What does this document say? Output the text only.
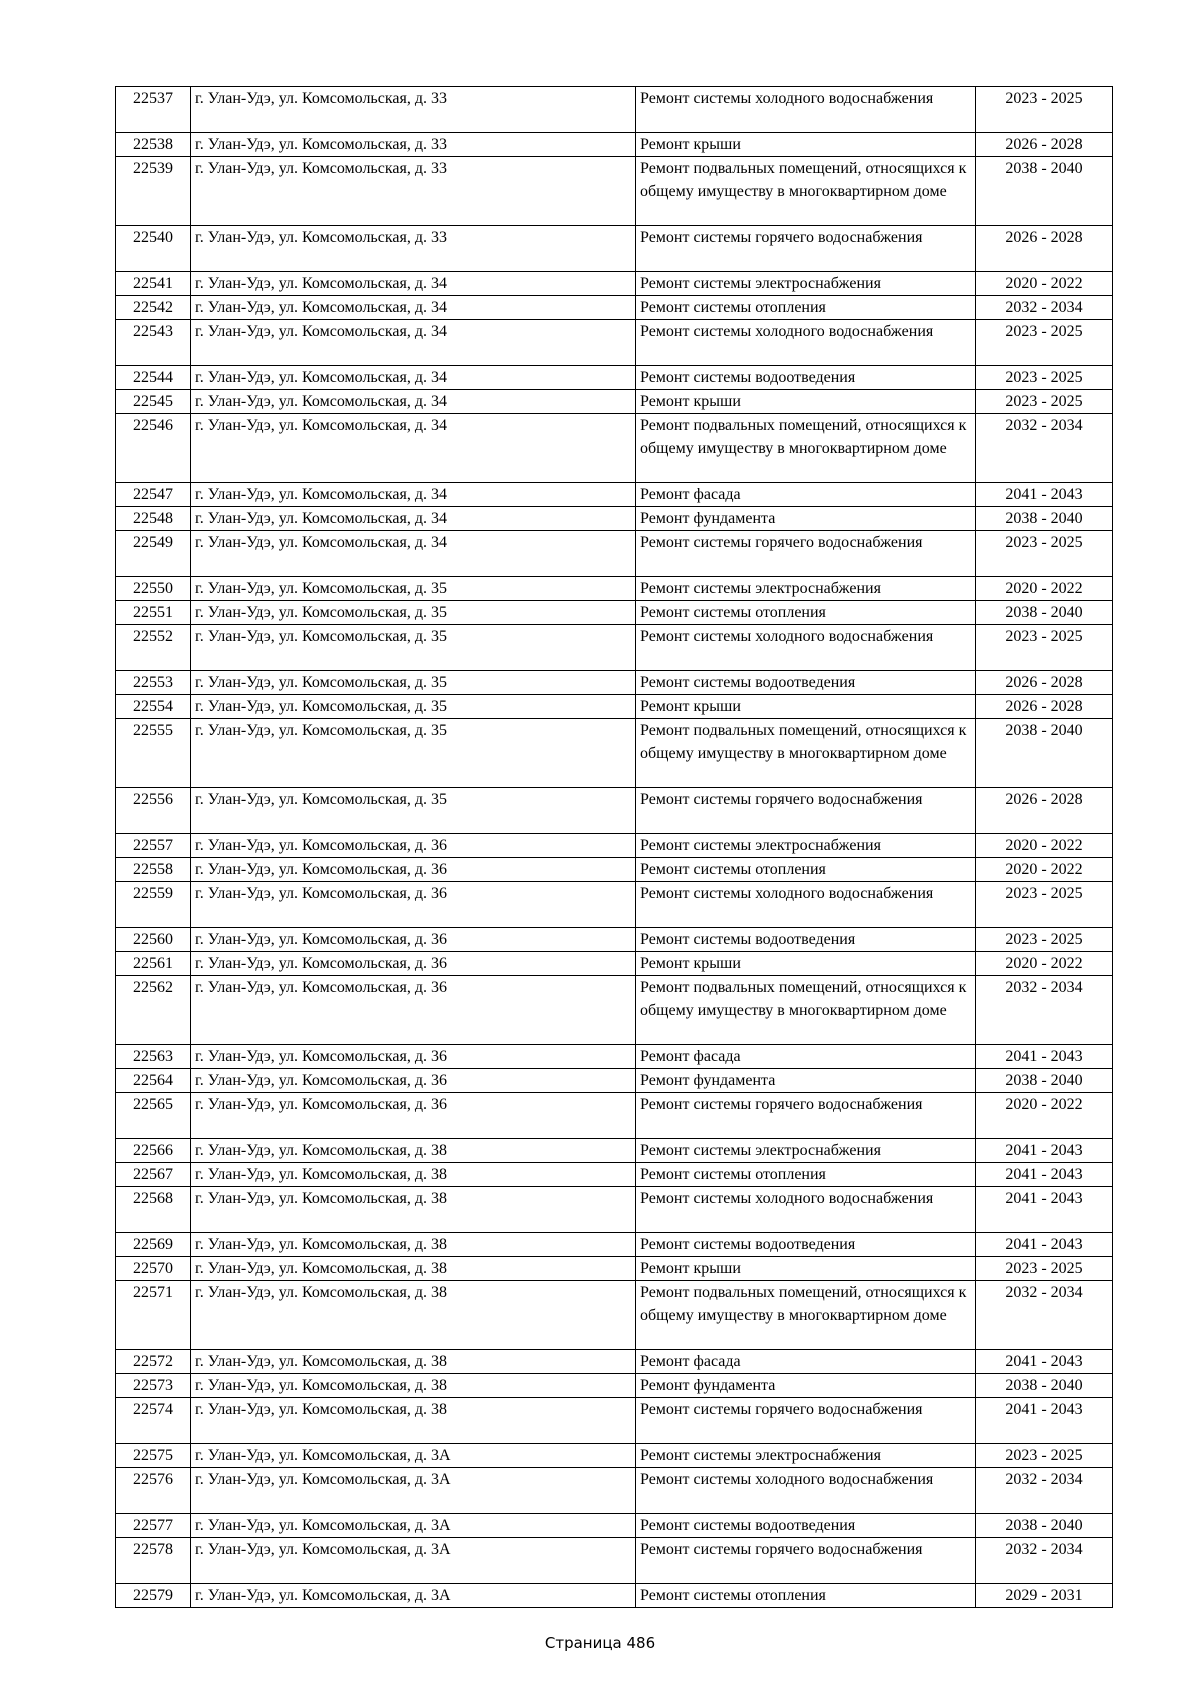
22537	г. Улан-Удэ, ул. Комсомольская, д. 33	Ремонт системы холодного водоснабжения	2023 - 2025
22538	г. Улан-Удэ, ул. Комсомольская, д. 33	Ремонт крыши	2026 - 2028
22539	г. Улан-Удэ, ул. Комсомольская, д. 33	Ремонт подвальных помещений, относящихся к общему имуществу в многоквартирном доме	2038 - 2040
22540	г. Улан-Удэ, ул. Комсомольская, д. 33	Ремонт системы горячего водоснабжения	2026 - 2028
22541	г. Улан-Удэ, ул. Комсомольская, д. 34	Ремонт системы электроснабжения	2020 - 2022
22542	г. Улан-Удэ, ул. Комсомольская, д. 34	Ремонт системы отопления	2032 - 2034
22543	г. Улан-Удэ, ул. Комсомольская, д. 34	Ремонт системы холодного водоснабжения	2023 - 2025
22544	г. Улан-Удэ, ул. Комсомольская, д. 34	Ремонт системы водоотведения	2023 - 2025
22545	г. Улан-Удэ, ул. Комсомольская, д. 34	Ремонт крыши	2023 - 2025
22546	г. Улан-Удэ, ул. Комсомольская, д. 34	Ремонт подвальных помещений, относящихся к общему имуществу в многоквартирном доме	2032 - 2034
22547	г. Улан-Удэ, ул. Комсомольская, д. 34	Ремонт фасада	2041 - 2043
22548	г. Улан-Удэ, ул. Комсомольская, д. 34	Ремонт фундамента	2038 - 2040
22549	г. Улан-Удэ, ул. Комсомольская, д. 34	Ремонт системы горячего водоснабжения	2023 - 2025
22550	г. Улан-Удэ, ул. Комсомольская, д. 35	Ремонт системы электроснабжения	2020 - 2022
22551	г. Улан-Удэ, ул. Комсомольская, д. 35	Ремонт системы отопления	2038 - 2040
22552	г. Улан-Удэ, ул. Комсомольская, д. 35	Ремонт системы холодного водоснабжения	2023 - 2025
22553	г. Улан-Удэ, ул. Комсомольская, д. 35	Ремонт системы водоотведения	2026 - 2028
22554	г. Улан-Удэ, ул. Комсомольская, д. 35	Ремонт крыши	2026 - 2028
22555	г. Улан-Удэ, ул. Комсомольская, д. 35	Ремонт подвальных помещений, относящихся к общему имуществу в многоквартирном доме	2038 - 2040
22556	г. Улан-Удэ, ул. Комсомольская, д. 35	Ремонт системы горячего водоснабжения	2026 - 2028
22557	г. Улан-Удэ, ул. Комсомольская, д. 36	Ремонт системы электроснабжения	2020 - 2022
22558	г. Улан-Удэ, ул. Комсомольская, д. 36	Ремонт системы отопления	2020 - 2022
22559	г. Улан-Удэ, ул. Комсомольская, д. 36	Ремонт системы холодного водоснабжения	2023 - 2025
22560	г. Улан-Удэ, ул. Комсомольская, д. 36	Ремонт системы водоотведения	2023 - 2025
22561	г. Улан-Удэ, ул. Комсомольская, д. 36	Ремонт крыши	2020 - 2022
22562	г. Улан-Удэ, ул. Комсомольская, д. 36	Ремонт подвальных помещений, относящихся к общему имуществу в многоквартирном доме	2032 - 2034
22563	г. Улан-Удэ, ул. Комсомольская, д. 36	Ремонт фасада	2041 - 2043
22564	г. Улан-Удэ, ул. Комсомольская, д. 36	Ремонт фундамента	2038 - 2040
22565	г. Улан-Удэ, ул. Комсомольская, д. 36	Ремонт системы горячего водоснабжения	2020 - 2022
22566	г. Улан-Удэ, ул. Комсомольская, д. 38	Ремонт системы электроснабжения	2041 - 2043
22567	г. Улан-Удэ, ул. Комсомольская, д. 38	Ремонт системы отопления	2041 - 2043
22568	г. Улан-Удэ, ул. Комсомольская, д. 38	Ремонт системы холодного водоснабжения	2041 - 2043
22569	г. Улан-Удэ, ул. Комсомольская, д. 38	Ремонт системы водоотведения	2041 - 2043
22570	г. Улан-Удэ, ул. Комсомольская, д. 38	Ремонт крыши	2023 - 2025
22571	г. Улан-Удэ, ул. Комсомольская, д. 38	Ремонт подвальных помещений, относящихся к общему имуществу в многоквартирном доме	2032 - 2034
22572	г. Улан-Удэ, ул. Комсомольская, д. 38	Ремонт фасада	2041 - 2043
22573	г. Улан-Удэ, ул. Комсомольская, д. 38	Ремонт фундамента	2038 - 2040
22574	г. Улан-Удэ, ул. Комсомольская, д. 38	Ремонт системы горячего водоснабжения	2041 - 2043
22575	г. Улан-Удэ, ул. Комсомольская, д. 3А	Ремонт системы электроснабжения	2023 - 2025
22576	г. Улан-Удэ, ул. Комсомольская, д. 3А	Ремонт системы холодного водоснабжения	2032 - 2034
22577	г. Улан-Удэ, ул. Комсомольская, д. 3А	Ремонт системы водоотведения	2038 - 2040
22578	г. Улан-Удэ, ул. Комсомольская, д. 3А	Ремонт системы горячего водоснабжения	2032 - 2034
22579	г. Улан-Удэ, ул. Комсомольская, д. 3А	Ремонт системы отопления	2029 - 2031
Страница 486
